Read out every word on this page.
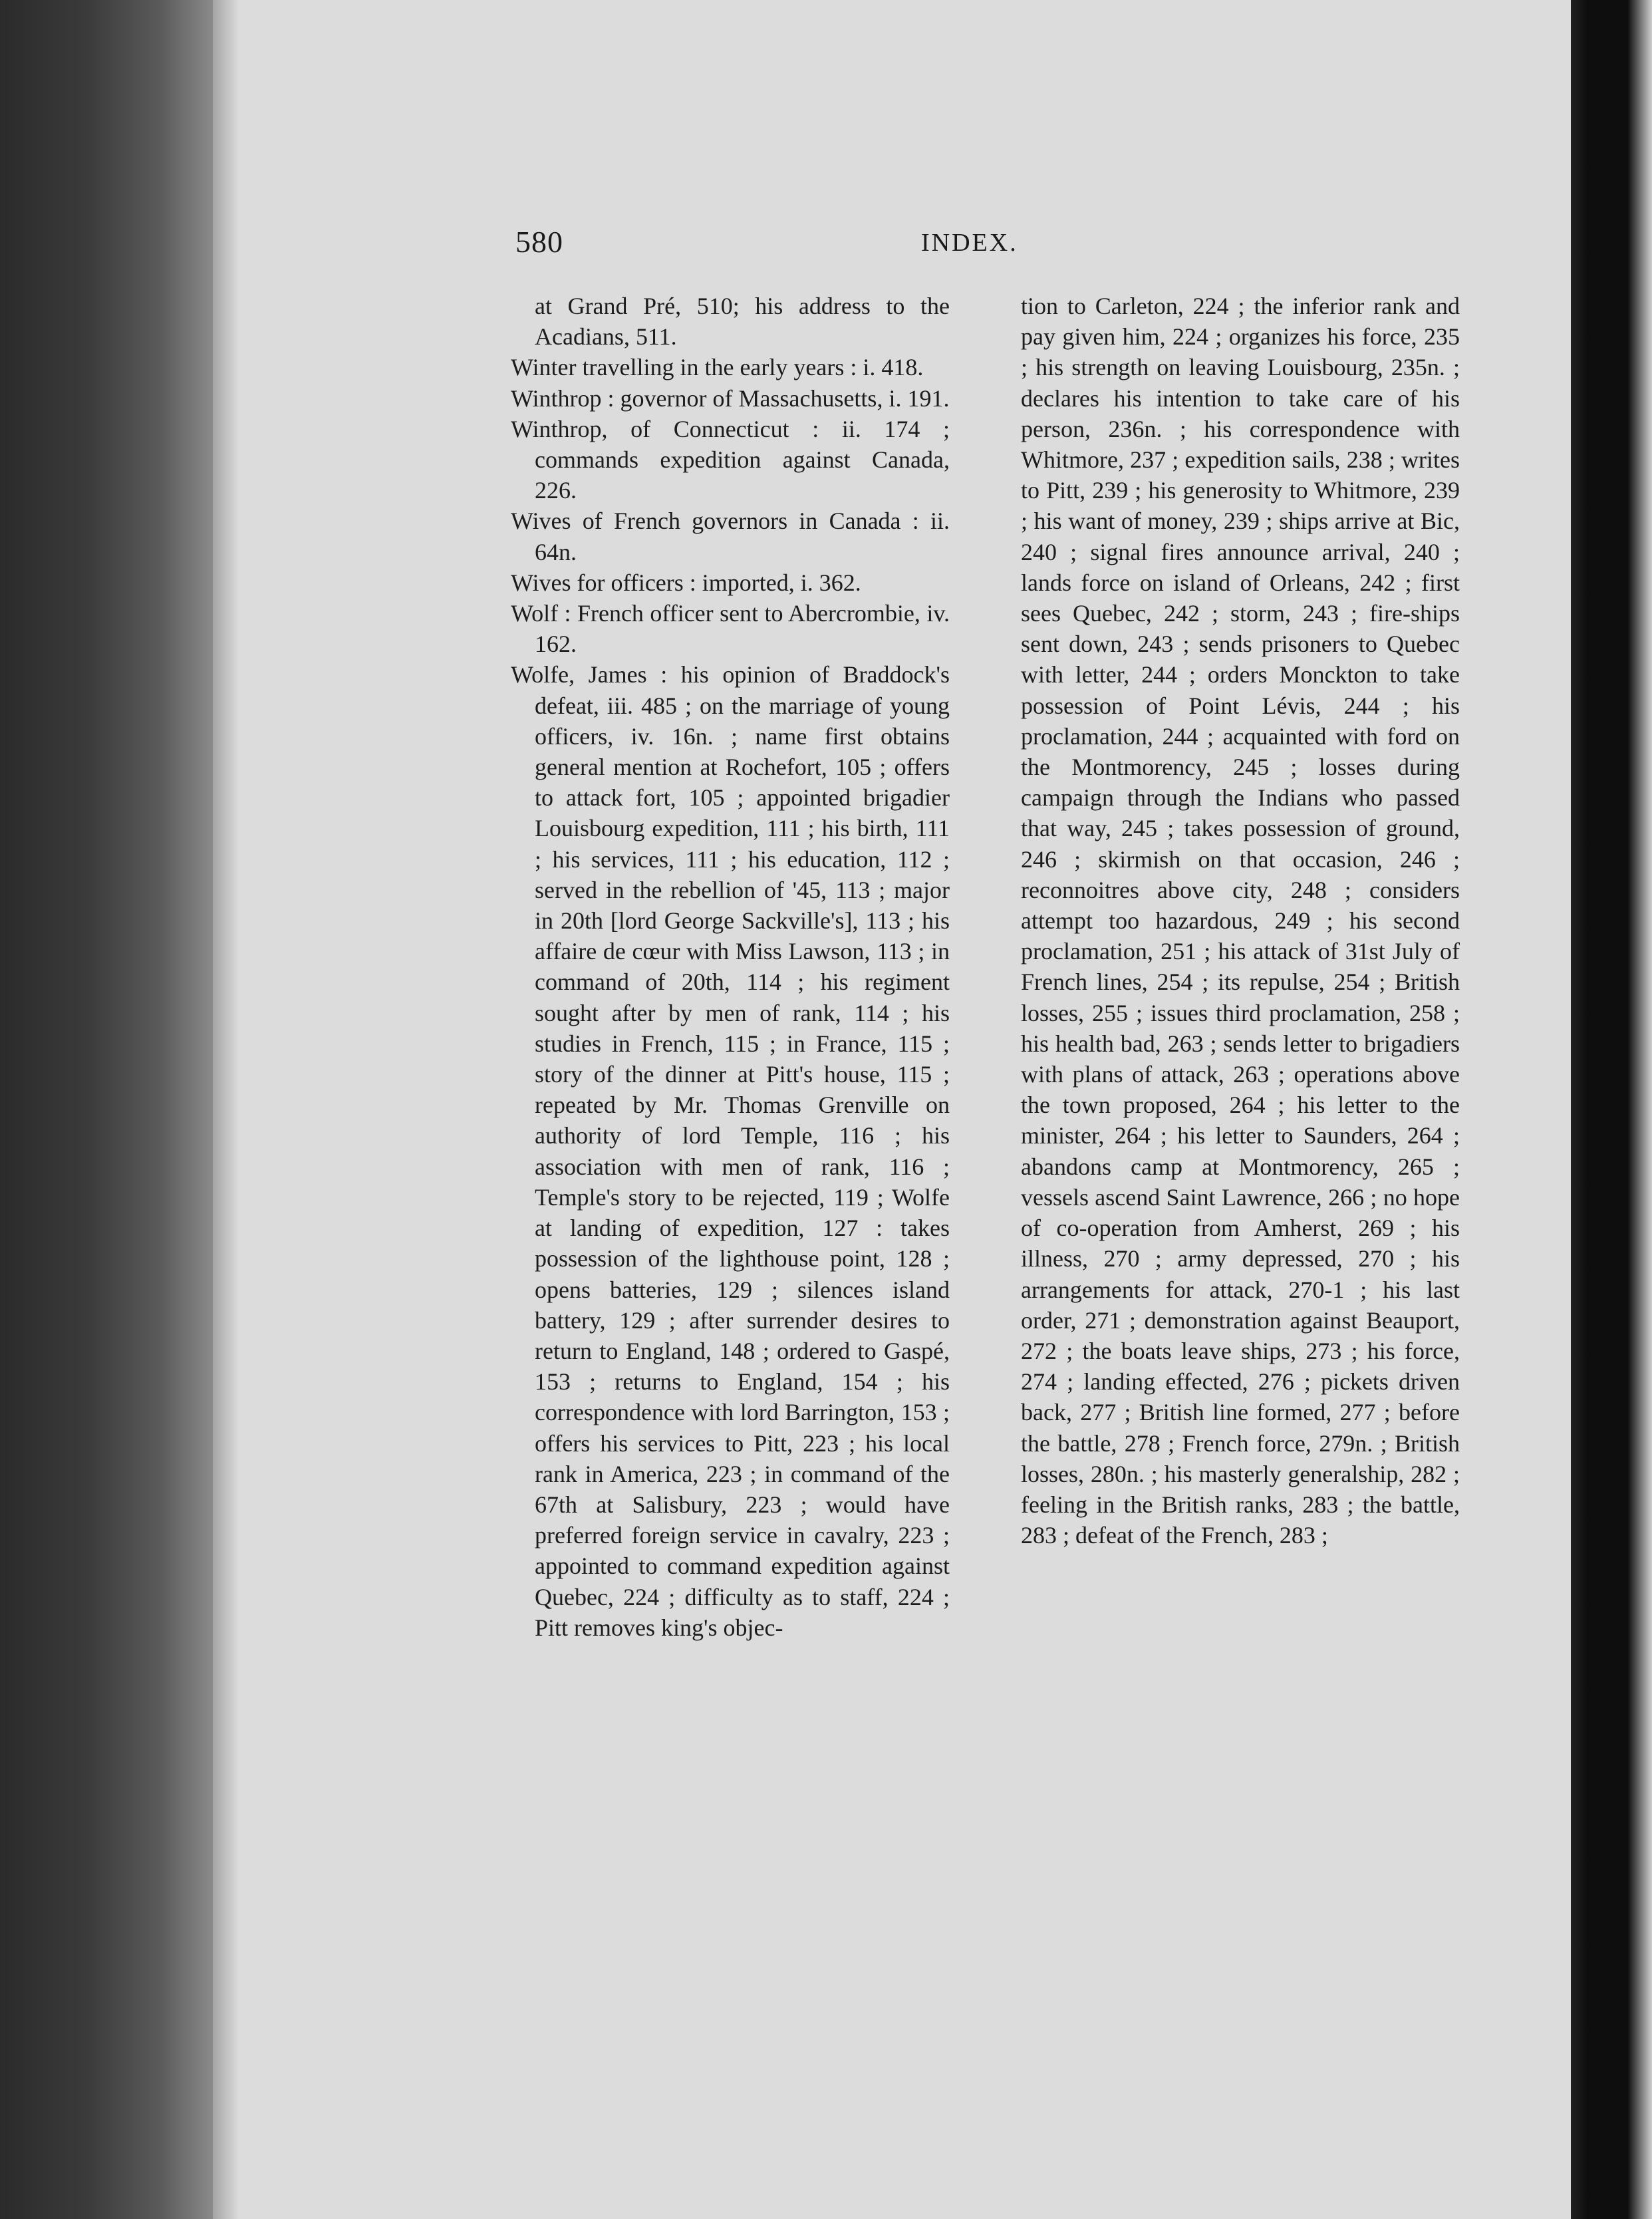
580	INDEX.

at Grand Pré, 510; his address to the Acadians, 511.

Winter travelling in the early years : i. 418.

Winthrop : governor of Massachusetts, i. 191.

Winthrop, of Connecticut : ii. 174 ; commands expedition against Canada, 226.

Wives of French governors in Canada : ii. 64n.

Wives for officers : imported, i. 362.

Wolf : French officer sent to Abercrombie, iv. 162.

Wolfe, James : his opinion of Braddock's defeat, iii. 485 ; on the marriage of young officers, iv. 16n. ; name first obtains general mention at Rochefort, 105 ; offers to attack fort, 105 ; appointed brigadier Louisbourg expedition, 111 ; his birth, 111 ; his services, 111 ; his education, 112 ; served in the rebellion of '45, 113 ; major in 20th [lord George Sackville's], 113 ; his affaire de cœur with Miss Lawson, 113 ; in command of 20th, 114 ; his regiment sought after by men of rank, 114 ; his studies in French, 115 ; in France, 115 ; story of the dinner at Pitt's house, 115 ; repeated by Mr. Thomas Grenville on authority of lord Temple, 116 ; his association with men of rank, 116 ; Temple's story to be rejected, 119 ; Wolfe at landing of expedition, 127 : takes possession of the lighthouse point, 128 ; opens batteries, 129 ; silences island battery, 129 ; after surrender desires to return to England, 148 ; ordered to Gaspé, 153 ; returns to England, 154 ; his correspondence with lord Barrington, 153 ; offers his services to Pitt, 223 ; his local rank in America, 223 ; in command of the 67th at Salisbury, 223 ; would have preferred foreign service in cavalry, 223 ; appointed to command expedition against Quebec, 224 ; difficulty as to staff, 224 ; Pitt removes king's objec-

tion to Carleton, 224 ; the inferior rank and pay given him, 224 ; organizes his force, 235 ; his strength on leaving Louisbourg, 235n. ; declares his intention to take care of his person, 236n. ; his correspondence with Whitmore, 237 ; expedition sails, 238 ; writes to Pitt, 239 ; his generosity to Whitmore, 239 ; his want of money, 239 ; ships arrive at Bic, 240 ; signal fires announce arrival, 240 ; lands force on island of Orleans, 242 ; first sees Quebec, 242 ; storm, 243 ; fire-ships sent down, 243 ; sends prisoners to Quebec with letter, 244 ; orders Monckton to take possession of Point Lévis, 244 ; his proclamation, 244 ; acquainted with ford on the Montmorency, 245 ; losses during campaign through the Indians who passed that way, 245 ; takes possession of ground, 246 ; skirmish on that occasion, 246 ; reconnoitres above city, 248 ; considers attempt too hazardous, 249 ; his second proclamation, 251 ; his attack of 31st July of French lines, 254 ; its repulse, 254 ; British losses, 255 ; issues third proclamation, 258 ; his health bad, 263 ; sends letter to brigadiers with plans of attack, 263 ; operations above the town proposed, 264 ; his letter to the minister, 264 ; his letter to Saunders, 264 ; abandons camp at Montmorency, 265 ; vessels ascend Saint Lawrence, 266 ; no hope of co-operation from Amherst, 269 ; his illness, 270 ; army depressed, 270 ; his arrangements for attack, 270-1 ; his last order, 271 ; demonstration against Beauport, 272 ; the boats leave ships, 273 ; his force, 274 ; landing effected, 276 ; pickets driven back, 277 ; British line formed, 277 ; before the battle, 278 ; French force, 279n. ; British losses, 280n. ; his masterly generalship, 282 ; feeling in the British ranks, 283 ; the battle, 283 ; defeat of the French, 283 ;
